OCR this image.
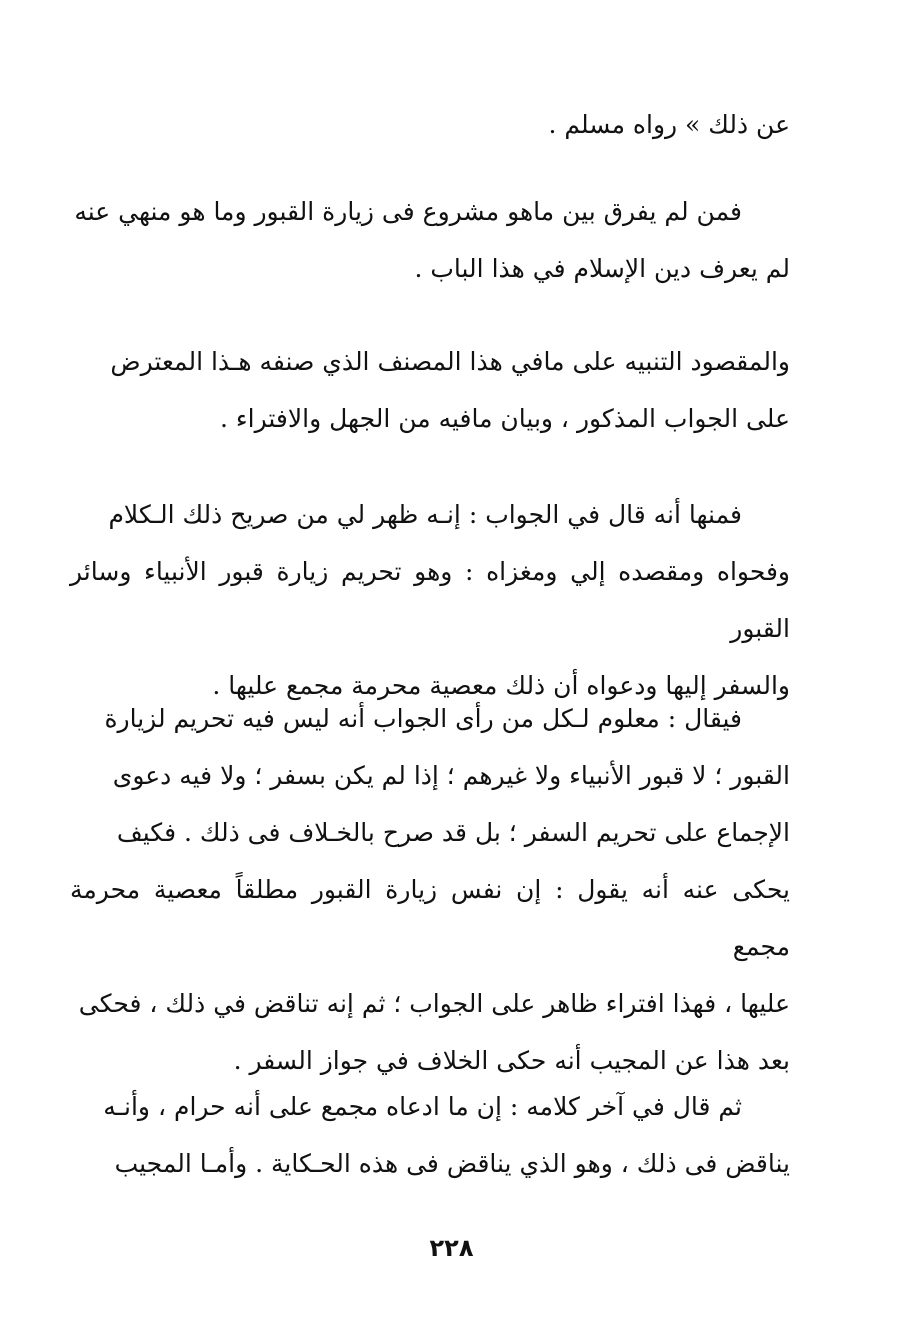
عن ذلك » رواه مسلم .

فمن لم يفرق بين ماهو مشروع فى زيارة القبور وما هو منهي عنه

لم يعرف دين الإسلام في هذا الباب .

والمقصود التنبيه على مافي هذا المصنف الذي صنفه هـذا المعترض

على الجواب المذكور ، وبيان مافيه من الجهل والافتراء .

فمنها أنه قال في الجواب : إنـه ظهر لي من صريح ذلك الـكلام

وفحواه ومقصده إلي ومغزاه : وهو تحريم زيارة قبور الأنبياء وسائر القبور

والسفر إليها ودعواه أن ذلك معصية محرمة مجمع عليها .

فيقال : معلوم لـكل من رأى الجواب أنه ليس فيه تحريم لزيارة

القبور ؛ لا قبور الأنبياء ولا غيرهم ؛ إذا لم يكن بسفر ؛ ولا فيه دعوى

الإجماع على تحريم السفر ؛ بل قد صرح بالخـلاف فى ذلك . فكيف

يحكى عنه أنه يقول : إن نفس زيارة القبور مطلقاً معصية محرمة مجمع

عليها ، فهذا افتراء ظاهر على الجواب ؛ ثم إنه تناقض في ذلك ، فحكى

بعد هذا عن المجيب أنه حكى الخلاف في جواز السفر .

ثم قال في آخر كلامه : إن ما ادعاه مجمع على أنه حرام ، وأنـه

يناقض فى ذلك ، وهو الذي يناقض فى هذه الحـكاية . وأمـا المجيب

٢٢٨
